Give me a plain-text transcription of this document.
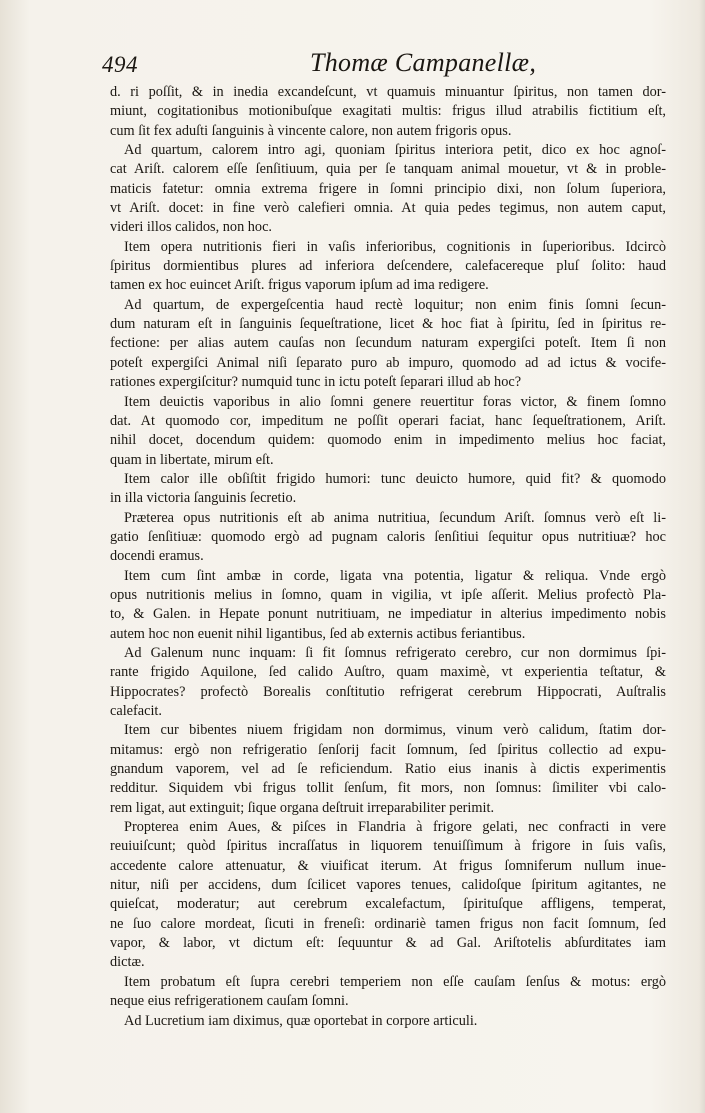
494	Thomæ Campanellæ,
d. ri poſſit, & in inedia excandeſcunt, vt quamuis minuantur ſpiritus, non tamen dor-
miunt, cogitationibus motionibuſque exagitati multis: frigus illud atrabilis fictitium eſt,
cum ſit fex aduſti ſanguinis à vincente calore, non autem frigoris opus.
Ad quartum, calorem intro agi, quoniam ſpiritus interiora petit, dico ex hoc agnoſ-
cat Ariſt. calorem eſſe ſenſitiuum, quia per ſe tanquam animal mouetur, vt & in proble-
maticis fatetur: omnia extrema frigere in ſomni principio dixi, non ſolum ſuperiora,
vt Ariſt. docet: in fine verò calefieri omnia. At quia pedes tegimus, non autem caput,
videri illos calidos, non hoc.
Item opera nutritionis fieri in vaſis inferioribus, cognitionis in ſuperioribus. Idcircò
ſpiritus dormientibus plures ad inferiora deſcendere, calefacereque pluſ ſolito: haud
tamen ex hoc euincet Ariſt. frigus vaporum ipſum ad ima redigere.
Ad quartum, de expergeſcentia haud rectè loquitur; non enim finis ſomni ſecun-
dum naturam eſt in ſanguinis ſequeſtratione, licet & hoc fiat à ſpiritu, ſed in ſpiritus re-
fectione: per alias autem cauſas non ſecundum naturam expergiſci poteſt. Item ſi non
poteſt expergiſci Animal niſi ſeparato puro ab impuro, quomodo ad ad ictus & vocife-
rationes expergiſcitur? numquid tunc in ictu poteſt ſeparari illud ab hoc?
Item deuictis vaporibus in alio ſomni genere reuertitur foras victor, & finem ſomno
dat. At quomodo cor, impeditum ne poſſit operari faciat, hanc ſequeſtrationem, Ariſt.
nihil docet, docendum quidem: quomodo enim in impedimento melius hoc faciat,
quam in libertate, mirum eſt.
Item calor ille obſiſtit frigido humori: tunc deuicto humore, quid fit? & quomodo
in illa victoria ſanguinis ſecretio.
Præterea opus nutritionis eſt ab anima nutritiua, ſecundum Ariſt. ſomnus verò eſt li-
gatio ſenſitiuæ: quomodo ergò ad pugnam caloris ſenſitiui ſequitur opus nutritiuæ? hoc
docendi eramus.
Item cum ſint ambæ in corde, ligata vna potentia, ligatur & reliqua. Vnde ergò
opus nutritionis melius in ſomno, quam in vigilia, vt ipſe aſſerit. Melius profectò Pla-
to, & Galen. in Hepate ponunt nutritiuam, ne impediatur in alterius impedimento nobis
autem hoc non euenit nihil ligantibus, ſed ab externis actibus feriantibus.
Ad Galenum nunc inquam: ſi fit ſomnus refrigerato cerebro, cur non dormimus ſpi-
rante frigido Aquilone, ſed calido Auſtro, quam maximè, vt experientia teſtatur, &
Hippocrates? profectò Borealis conſtitutio refrigerat cerebrum Hippocrati, Auſtralis
calefacit.
Item cur bibentes niuem frigidam non dormimus, vinum verò calidum, ſtatim dor-
mitamus: ergò non refrigeratio ſenſorij facit ſomnum, ſed ſpiritus collectio ad expu-
gnandum vaporem, vel ad ſe reficiendum. Ratio eius inanis à dictis experimentis
redditur. Siquidem vbi frigus tollit ſenſum, fit mors, non ſomnus: ſimiliter vbi calo-
rem ligat, aut extinguit; ſique organa deſtruit irreparabiliter perimit.
Propterea enim Aues, & piſces in Flandria à frigore gelati, nec confracti in vere
reuiuiſcunt; quòd ſpiritus incraſſatus in liquorem tenuiſſimum à frigore in ſuis vaſis,
accedente calore attenuatur, & viuificat iterum. At frigus ſomniferum nullum inue-
nitur, niſi per accidens, dum ſcilicet vapores tenues, calidoſque ſpiritum agitantes, ne
quieſcat, moderatur; aut cerebrum excalefactum, ſpirituſque affligens, temperat,
ne ſuo calore mordeat, ſicuti in freneſi: ordinariè tamen frigus non facit ſomnum, ſed
vapor, & labor, vt dictum eſt: ſequuntur & ad Gal. Ariſtotelis abſurditates iam
dictæ.
Item probatum eſt ſupra cerebri temperiem non eſſe cauſam ſenſus & motus: ergò
neque eius refrigerationem cauſam ſomni.
Ad Lucretium iam diximus, quæ oportebat in corpore articuli.
